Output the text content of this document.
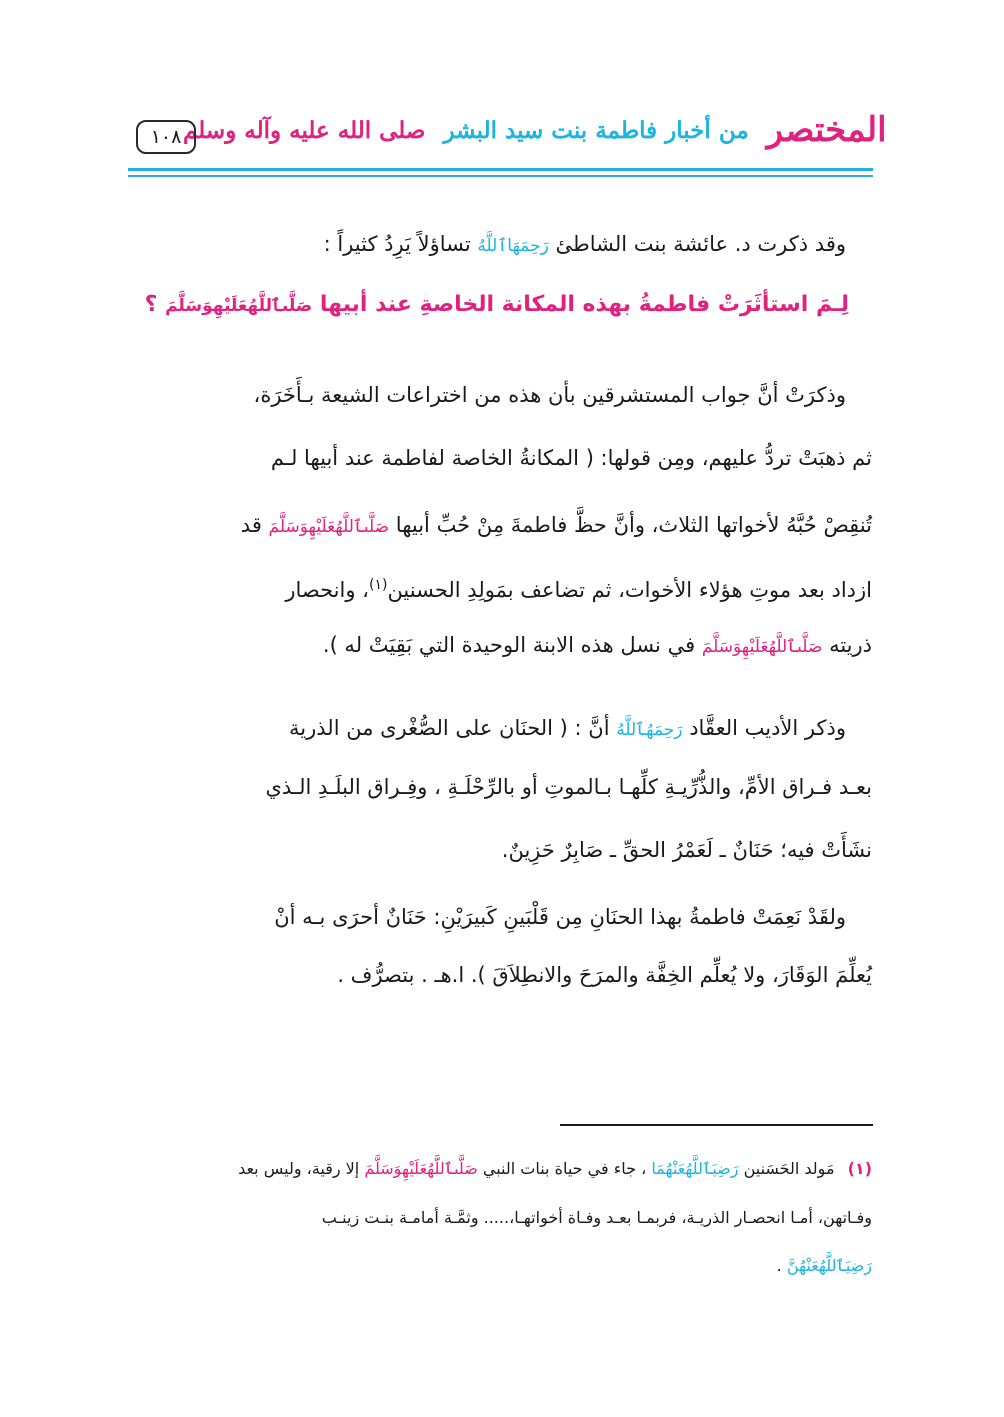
المختصر
من أخبار فاطمة بنت سيد البشر
صلى الله عليه وآله وسلم
١٠٨
وقد ذكرت د. عائشة بنت الشاطئ رَحِمَهَاٱللَّهُ تساؤلاً يَرِدُ كثيراً :
لِـمَ استأثَرَتْ فاطمةُ بهذه المكانة الخاصةِ عند أبيها صَلَّىٱللَّهُعَلَيْهِوَسَلَّمَ ؟
وذكرَتْ أنَّ جواب المستشرقين بأن هذه من اختراعات الشيعة بـأَخَرَة،
ثم ذهبَتْ تردُّ عليهم، ومِن قولها: ( المكانةُ الخاصة لفاطمة عند أبيها لـم
تُنقِصْ حُبَّهُ لأخواتها الثلاث، وأنَّ حظَّ فاطمةَ مِنْ حُبِّ أبيها صَلَّىٱللَّهُعَلَيْهِوَسَلَّمَ قد
ازداد بعد موتِ هؤلاء الأخوات، ثم تضاعف بمَولِدِ الحسنين$^{(١)}$، وانحصار
ذريته صَلَّىٱللَّهُعَلَيْهِوَسَلَّمَ في نسل هذه الابنة الوحيدة التي بَقِيَتْ له ).
وذكر الأديب العقَّاد رَحِمَهُٱللَّهُ أنَّ : ( الحنَان على الصُّغْرى من الذرية
بعـد فـراق الأمِّ، والذُّرِّيـةِ كلِّهـا بـالموتِ أو بالرِّحْلَـةِ ، وفِـراق البلَـدِ الـذي
نشَأَتْ فيه؛ حَنَانٌ ـ لَعَمْرُ الحقِّ ـ صَابِرٌ حَزِينٌ.
ولقَدْ نَعِمَتْ فاطمةُ بهذا الحنَانِ مِن قَلْبَينِ كَبيرَيْنِ: حَنَانٌ أحرَى بـه أنْ
يُعلِّمَ الوَقَارَ، ولا يُعلِّم الخِفَّة والمرَحَ والانطِلاَقَ ). ا.هـ . بتصرُّف .
(١) مَولد الحَسَنين رَضِيَٱللَّهُعَنْهُمَا ، جاء في حياة بنات النبي صَلَّىٱللَّهُعَلَيْهِوَسَلَّمَ إلا رقية، وليس بعد
وفـاتهن، أمـا انحصـار الذريـة، فربمـا بعـد وفـاة أخواتهـا،..... وثمَّـة أمامـة بنـت زينـب
رَضِيَٱللَّهُعَنْهُنَّ .
